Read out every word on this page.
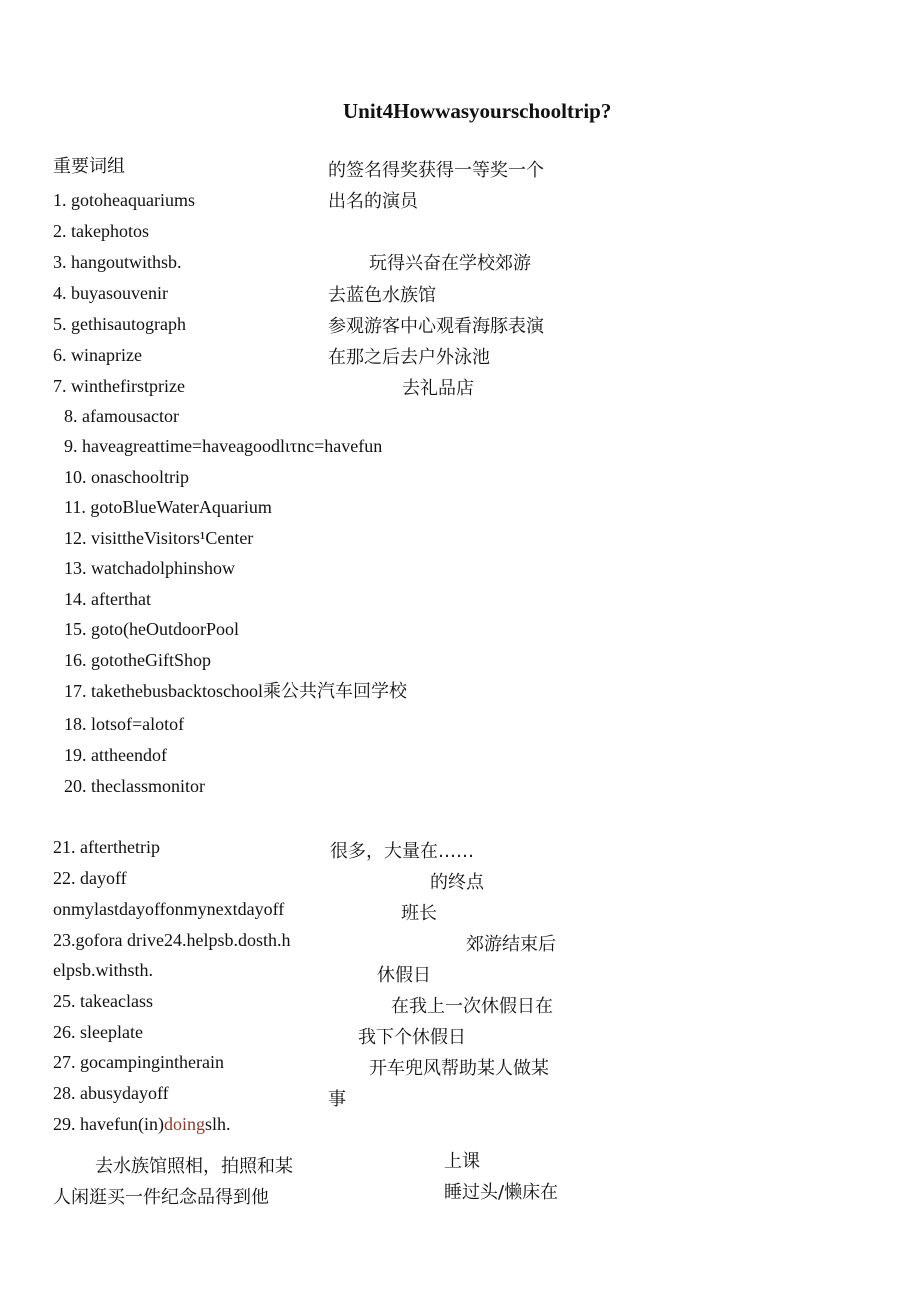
Unit4Howwasyourschooltrip?
重要词组
1. gotoheaquariums
2. takephotos
3. hangoutwithsb.
4. buyasouvenir
5. gethisautograph
6. winaprize
7. winthefirstprize
8. afamousactor
9. haveagreattime=haveagoodlιτnc=havefun
10. onaschooltrip
11. gotoBlueWaterAquarium
12. visittheVisitors¹Center
13. watchadolphinshow
14. afterthat
15. goto(heOutdoorPool
16. gototheGiftShop
17. takethebusbacktoschool乘公共汽车回学校
18. lotsof=alotof
19. attheendof
20. theclassmonitor
21. afterthetrip
22. dayoff
onmylastdayoffonmynextdayoff
23.gofora drive24.helpsb.dosth.h
elpsb.withsth.
25. takeaclass
26. sleeplate
27. gocampingintherain
28. abusydayoff
29. havefun(in)doingslh.
的签名得奖获得一等奖一个
出名的演员
玩得兴奋在学校郊游
去蓝色水族馆
参观游客中心观看海豚表演
在那之后去户外泳池
去礼品店
很多，大量在……
的终点
班长
郊游结束后
休假日
在我上一次休假日在
我下个休假日
开车兜风帮助某人做某
事
去水族馆照相，拍照和某
人闲逛买一件纪念品得到他
上课
睡过头/懒床在
